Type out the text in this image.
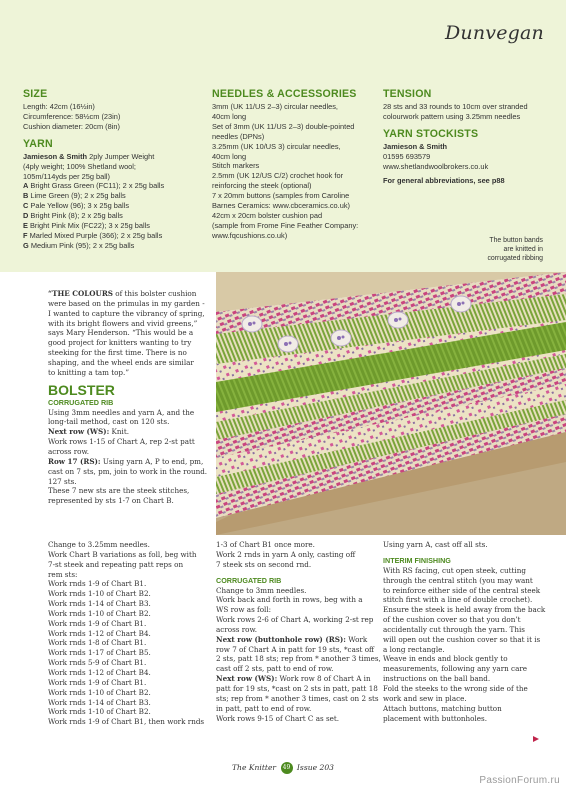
Dunvegan
SIZE
Length: 42cm (16½in)
Circumference: 58½cm (23in)
Cushion diameter: 20cm (8in)
YARN
Jamieson & Smith 2ply Jumper Weight
(4ply weight; 100% Shetland wool;
105m/114yds per 25g ball)
A Bright Grass Green (FC11); 2 x 25g balls
B Lime Green (9); 2 x 25g balls
C Pale Yellow (96); 3 x 25g balls
D Bright Pink (8); 2 x 25g balls
E Bright Pink Mix (FC22); 3 x 25g balls
F Marled Mixed Purple (366); 2 x 25g balls
G Medium Pink (95); 2 x 25g balls
NEEDLES & ACCESSORIES
3mm (UK 11/US 2–3) circular needles,
40cm long
Set of 3mm (UK 11/US 2–3) double-pointed
needles (DPNs)
3.25mm (UK 10/US 3) circular needles,
40cm long
Stitch markers
2.5mm (UK 12/US C/2) crochet hook for
reinforcing the steek (optional)
7 x 20mm buttons (samples from Caroline
Barnes Ceramics: www.cbceramics.co.uk)
42cm x 20cm bolster cushion pad
(sample from Frome Fine Feather Company:
www.fqcushions.co.uk)
TENSION
28 sts and 33 rounds to 10cm over stranded
colourwork pattern using 3.25mm needles
YARN STOCKISTS
Jamieson & Smith
01595 693579
www.shetlandwoolbrokers.co.uk
For general abbreviations, see p88
The button bands
are knitted in
corrugated ribbing
“THE COLOURS of this bolster cushion
were based on the primulas in my garden -
I wanted to capture the vibrancy of spring,
with its bright flowers and vivid greens,”
says Mary Henderson. “This would be a
good project for knitters wanting to try
steeking for the first time. There is no
shaping, and the wheel ends are similar
to knitting a tam top.”
BOLSTER
CORRUGATED RIB
Using 3mm needles and yarn A, and the
long-tail method, cast on 120 sts.
Next row (WS): Knit.
Work rows 1-15 of Chart A, rep 2-st patt
across row.
Row 17 (RS): Using yarn A, P to end, pm,
cast on 7 sts, pm, join to work in the round.
127 sts.
These 7 new sts are the steek stitches,
represented by sts 1-7 on Chart B.
Change to 3.25mm needles.
Work Chart B variations as foll, beg with
7-st steek and repeating patt reps on
rem sts:
Work rnds 1-9 of Chart B1.
Work rnds 1-10 of Chart B2.
Work rnds 1-14 of Chart B3.
Work rnds 1-10 of Chart B2.
Work rnds 1-9 of Chart B1.
Work rnds 1-12 of Chart B4.
Work rnds 1-8 of Chart B1.
Work rnds 1-17 of Chart B5.
Work rnds 5-9 of Chart B1.
Work rnds 1-12 of Chart B4.
Work rnds 1-9 of Chart B1.
Work rnds 1-10 of Chart B2.
Work rnds 1-14 of Chart B3.
Work rnds 1-10 of Chart B2.
Work rnds 1-9 of Chart B1, then work rnds
1-3 of Chart B1 once more.
Work 2 rnds in yarn A only, casting off
7 steek sts on second rnd.
CORRUGATED RIB
Change to 3mm needles.
Work back and forth in rows, beg with a
WS row as foll:
Work rows 2-6 of Chart A, working 2-st rep
across row.
Next row (buttonhole row) (RS): Work
row 7 of Chart A in patt for 19 sts, *cast off
2 sts, patt 18 sts; rep from * another 3 times,
cast off 2 sts, patt to end of row.
Next row (WS): Work row 8 of Chart A in
patt for 19 sts, *cast on 2 sts in patt, patt 18
sts; rep from * another 3 times, cast on 2 sts
in patt, patt to end of row.
Work rows 9-15 of Chart C as set.
Using yarn A, cast off all sts.
INTERIM FINISHING
With RS facing, cut open steek, cutting
through the central stitch (you may want
to reinforce either side of the central steek
stitch first with a line of double crochet).
Ensure the steek is held away from the back
of the cushion cover so that you don’t
accidentally cut through the yarn. This
will open out the cushion cover so that it is
a long rectangle.
Weave in ends and block gently to
measurements, following any yarn care
instructions on the ball band.
Fold the steeks to the wrong side of the
work and sew in place.
Attach buttons, matching button
placement with buttonholes.
The Knitter 49 Issue 203
PassionForum.ru
